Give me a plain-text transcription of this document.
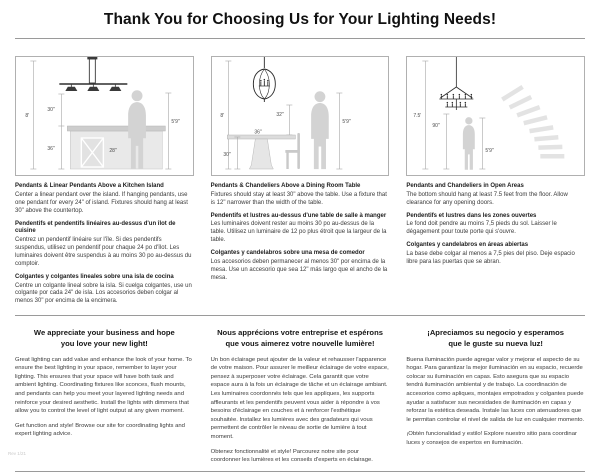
Thank You for Choosing Us for Your Lighting Needs!
8'
30"
36"	28"
5'9"
Pendants & Linear Pendants Above a Kitchen Island

Center a linear pendant over the island. If hanging pendants, use one pendant for every 24" of island. Fixtures should hang at least 30" above the countertop.

Pendentifs et pendentifs linéaires au-dessus d'un îlot de cuisine

Centrez un pendentif linéaire sur l'île. Si des pendentifs suspendus, utilisez un pendentif pour chaque 24 po d'îlot. Les luminaires doivent être suspendus à au moins 30 po au-dessus du comptoir.

Colgantes y colgantes lineales sobre una isla de cocina

Centre un colgante lineal sobre la isla. Si cuelga colgantes, use un colgante por cada 24" de isla. Los accesorios deben colgar al menos 30" por encima de la encimera.

8'	32"
36"
30"
5'9"
Pendants & Chandeliers Above a Dining Room Table

Fixtures should stay at least 30" above the table. Use a fixture that is 12" narrower than the width of the table.

Pendentifs et lustres au-dessus d'une table de salle à manger

Les luminaires doivent rester au moins 30 po au-dessus de la table. Utilisez un luminaire de 12 po plus étroit que la largeur de la table.

Colgantes y candelabros sobre una mesa de comedor

Los accesorios deben permanecer al menos 30" por encima de la mesa. Use un accesorio que sea 12" más largo que el ancho de la mesa.

7.5'
90"
5'9"
Pendants and Chandeliers in Open Areas

The bottom should hang at least 7.5 feet from the floor. Allow clearance for any opening doors.

Pendentifs et lustres dans les zones ouvertes

Le fond doit pendre au moins 7,5 pieds du sol. Laisser le dégagement pour toute porte qui s'ouvre.

Colgantes y candelabros en áreas abiertas

La base debe colgar al menos a 7,5 pies del piso. Deje espacio libre para las puertas que se abran.

We appreciate your business and hope
you love your new light!

Great lighting can add value and enhance the look of your home. To ensure the best lighting in your space, remember to layer your lighting. This ensures that your space will have both task and ambient lighting. Coordinating fixtures like sconces, flush mounts, and pendants can help you meet your layered lighting needs and reinforce your desired aesthetic. Install the lights with dimmers that allow you to control the level of light output at any given moment.

Get function and style! Browse our site for coordinating lights and expert lighting advice.

Nous apprécions votre entreprise et espérons
que vous aimerez votre nouvelle lumière!

Un bon éclairage peut ajouter de la valeur et rehausser l'apparence de votre maison. Pour assurer le meilleur éclairage de votre espace, pensez à superposer votre éclairage. Cela garantit que votre espace aura à la fois un éclairage de tâche et un éclairage ambiant. Les luminaires coordonnés tels que les appliques, les supports affleurants et les pendentifs peuvent vous aider à répondre à vos besoins d'éclairage en couches et à renforcer l'esthétique souhaitée. Installez les lumières avec des gradateurs qui vous permettent de contrôler le niveau de sortie de lumière à tout moment.

Obtenez fonctionnalité et style! Parcourez notre site pour coordonner les lumières et les conseils d'experts en éclairage.

¡Apreciamos su negocio y esperamos
que le guste su nueva luz!

Buena iluminación puede agregar valor y mejorar el aspecto de su hogar. Para garantizar la mejor iluminación en su espacio, recuerde colocar su iluminación en capas. Esto asegura que su espacio tendrá iluminación ambiental y de trabajo. La coordinación de accesorios como apliques, montajes empotrados y colgantes puede ayudar a satisfacer sus necesidades de iluminación en capas y reforzar la estética deseada. Instale las luces con atenuadores que le permitan controlar el nivel de salida de luz en cualquier momento.

¡Obtén funcionalidad y estilo! Explore nuestro sitio para coordinar luces y consejos de expertos en iluminación.

Rev 1/21
